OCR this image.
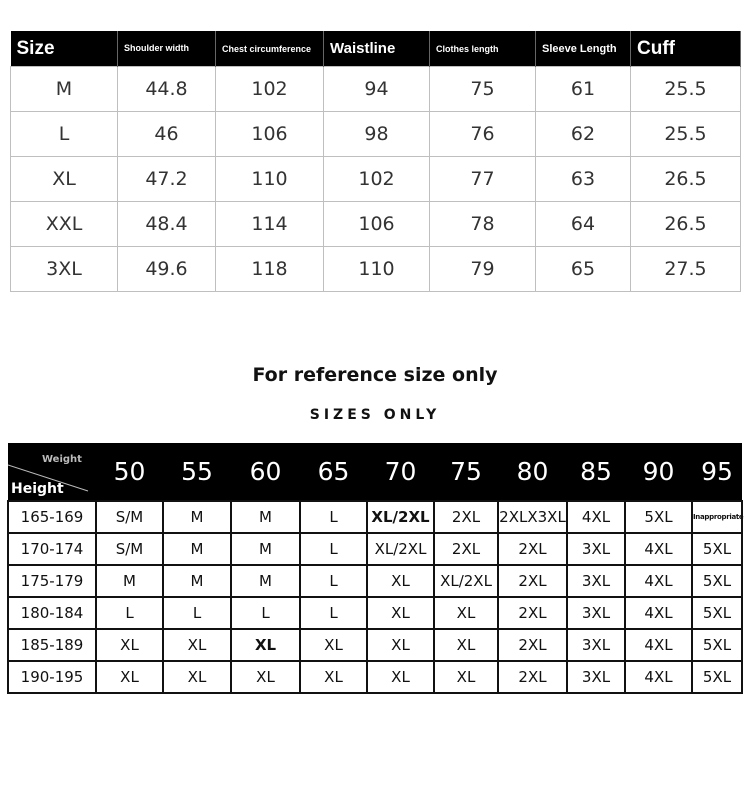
Size	Shoulder width	Chest circumference	Waistline	Clothes length	Sleeve Length	Cuff
M	44.8	102	94	75	61	25.5
L	46	106	98	76	62	25.5
XL	47.2	110	102	77	63	26.5
XXL	48.4	114	106	78	64	26.5
3XL	49.6	118	110	79	65	27.5
For reference size only
SIZES ONLY
Weight
Height	50	55	60	65	70	75	80	85	90	95
165-169	S/M	M	M	L	XL/2XL	2XL	2XLX3XL	4XL	5XL	Inappropriate
170-174	S/M	M	M	L	XL/2XL	2XL	2XL	3XL	4XL	5XL
175-179	M	M	M	L	XL	XL/2XL	2XL	3XL	4XL	5XL
180-184	L	L	L	L	XL	XL	2XL	3XL	4XL	5XL
185-189	XL	XL	XL	XL	XL	XL	2XL	3XL	4XL	5XL
190-195	XL	XL	XL	XL	XL	XL	2XL	3XL	4XL	5XL
